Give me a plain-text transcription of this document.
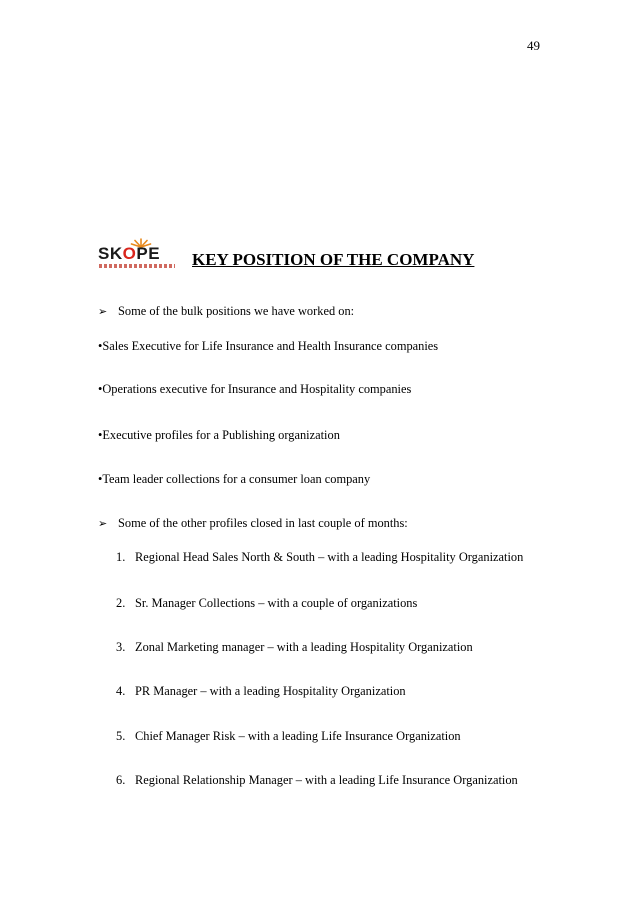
49
SKOPE KEY POSITION OF THE COMPANY
➢ Some of the bulk positions we have worked on:
•Sales Executive for Life Insurance and Health Insurance companies
•Operations executive for Insurance and Hospitality companies
•Executive profiles for a Publishing organization
•Team leader collections for a consumer loan company
➢ Some of the other profiles closed in last couple of months:
1. Regional Head Sales North & South – with a leading Hospitality Organization
2. Sr. Manager Collections – with a couple of organizations
3. Zonal Marketing manager – with a leading Hospitality Organization
4. PR Manager – with a leading Hospitality Organization
5. Chief Manager Risk – with a leading Life Insurance Organization
6. Regional Relationship Manager – with a leading Life Insurance Organization
